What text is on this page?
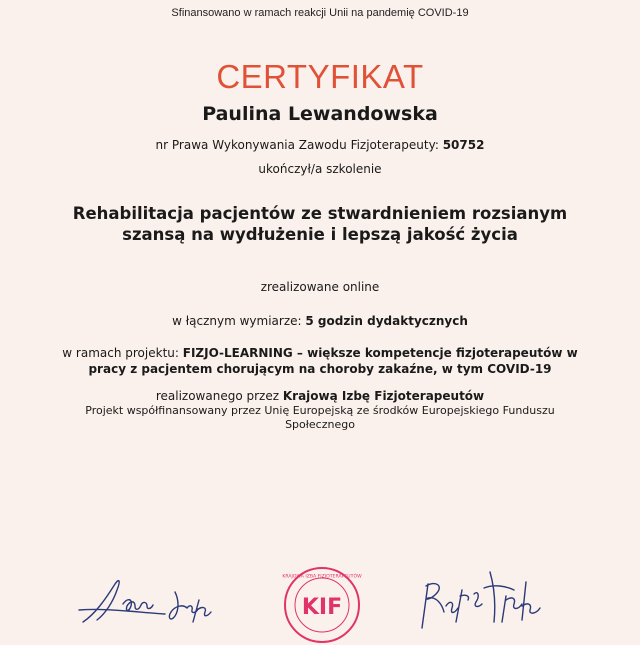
Sfinansowano w ramach reakcji Unii na pandemię COVID-19
CERTYFIKAT
Paulina Lewandowska
nr Prawa Wykonywania Zawodu Fizjoterapeuty: 50752
ukończył/a szkolenie
Rehabilitacja pacjentów ze stwardnieniem rozsianym
szansą na wydłużenie i lepszą jakość życia
zrealizowane online
w łącznym wymiarze: 5 godzin dydaktycznych
w ramach projektu: FIZJO-LEARNING – większe kompetencje fizjoterapeutów w
pracy z pacjentem chorującym na choroby zakaźne, w tym COVID-19
realizowanego przez Krajową Izbę Fizjoterapeutów
Projekt współfinansowany przez Unię Europejską ze środków Europejskiego Funduszu
Społecznego
KRAJOWA IZBA FIZJOTERAPEUTÓW
KIF
